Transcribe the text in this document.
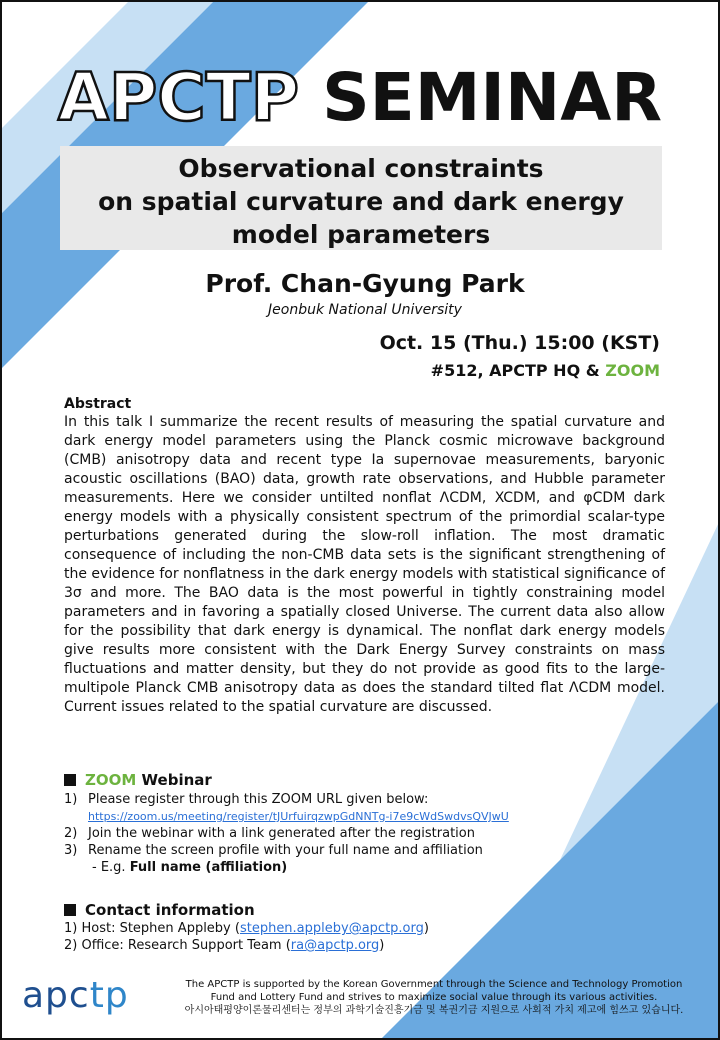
APCTP SEMINAR
Observational constraints
on spatial curvature and dark energy
model parameters
Prof. Chan-Gyung Park
Jeonbuk National University
Oct. 15 (Thu.) 15:00 (KST)
#512, APCTP HQ & ZOOM
Abstract
In this talk I summarize the recent results of measuring the spatial curvature and dark energy model parameters using the Planck cosmic microwave background (CMB) anisotropy data and recent type Ia supernovae measurements, baryonic acoustic oscillations (BAO) data, growth rate observations, and Hubble parameter measurements. Here we consider untilted nonflat ΛCDM, XCDM, and φCDM dark energy models with a physically consistent spectrum of the primordial scalar-type perturbations generated during the slow-roll inflation. The most dramatic consequence of including the non-CMB data sets is the significant strengthening of the evidence for nonflatness in the dark energy models with statistical significance of 3σ and more. The BAO data is the most powerful in tightly constraining model parameters and in favoring a spatially closed Universe. The current data also allow for the possibility that dark energy is dynamical. The nonflat dark energy models give results more consistent with the Dark Energy Survey constraints on mass fluctuations and matter density, but they do not provide as good fits to the large-multipole Planck CMB anisotropy data as does the standard tilted flat ΛCDM model. Current issues related to the spatial curvature are discussed.
ZOOM Webinar
1) Please register through this ZOOM URL given below:
https://zoom.us/meeting/register/tJUrfuirqzwpGdNNTg-i7e9cWdSwdvsQVJwU
2) Join the webinar with a link generated after the registration
3) Rename the screen profile with your full name and affiliation
- E.g. Full name (affiliation)
Contact information
1) Host: Stephen Appleby (stephen.appleby@apctp.org)
2) Office: Research Support Team (ra@apctp.org)
apctp	The APCTP is supported by the Korean Government through the Science and Technology Promotion
Fund and Lottery Fund and strives to maximize social value through its various activities.
아시아태평양이론물리센터는 정부의 과학기술진흥기금 및 복권기금 지원으로 사회적 가치 제고에 힘쓰고 있습니다.
